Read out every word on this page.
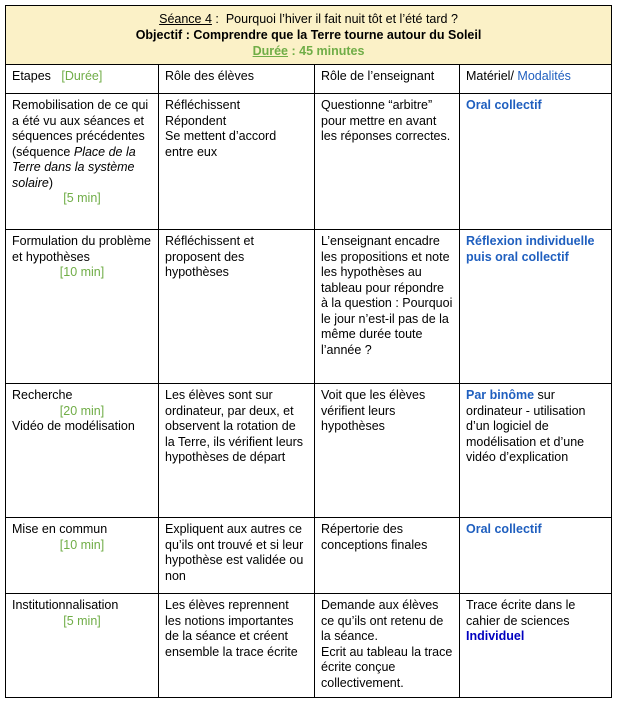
Séance 4 :  Pourquoi l’hiver il fait nuit tôt et l’été tard ?
Objectif : Comprendre que la Terre tourne autour du Soleil
Durée : 45 minutes			

Etapes [Durée]	Rôle des élèves	Rôle de l’enseignant	Matériel/ Modalités
Remobilisation de ce qui a été vu aux séances et séquences précédentes
(séquence Place de la Terre dans la système solaire)
[5 min]	Réfléchissent
Répondent
Se mettent d’accord entre eux	Questionne “arbitre” pour mettre en avant les réponses correctes.	Oral collectif
Formulation du problème et hypothèses
[10 min]	Réfléchissent et proposent des hypothèses	L’enseignant encadre les propositions et note les hypothèses au tableau pour répondre à la question : Pourquoi le jour n’est-il pas de la même durée toute l’année ?	Réflexion individuelle puis oral collectif
Recherche
[20 min]
Vidéo de modélisation	Les élèves sont sur ordinateur, par deux, et observent la rotation de la Terre, ils vérifient leurs hypothèses de départ	Voit que les élèves vérifient leurs hypothèses	Par binôme sur ordinateur - utilisation d’un logiciel de modélisation et d’une vidéo d’explication
Mise en commun
[10 min]	Expliquent aux autres ce qu’ils ont trouvé et si leur hypothèse est validée ou non	Répertorie des conceptions finales	Oral collectif
Institutionnalisation
[5 min]	Les élèves reprennent les notions importantes de la séance et créent ensemble la trace écrite	Demande aux élèves ce qu’ils ont retenu de la séance.
Ecrit au tableau la trace écrite conçue collectivement.	Trace écrite dans le cahier de sciences
Individuel
